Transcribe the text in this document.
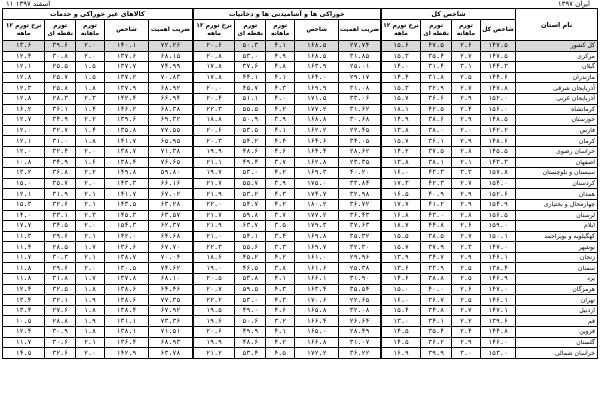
۱۱ اسفند ۱۳۹۷	ایران ۱۳۹۷
نام استان	شاخص کل				خوراکی ها و آشامیدنی ها و دخانیات					کالاهای غیر خوراکی و خدمات				
	شاخص کل	تورم ماهانه	تورم نقطه ای	نرخ تورم ۱۲ ماهه	ضریب اهمیت	شاخص	تورم ماهانه	تورم نقطه ای	نرخ تورم ۱۲ ماهه	ضریب اهمیت	شاخص	تورم ماهانه	تورم نقطه ای	نرخ تورم ۱۲ ماهه
کل کشور	۱۴۷.۵	۲.۶	۴۷.۵	۱۵.۶	۲۷.۷۴	۱۶۸.۵	۴.۱	۵۰.۳	۲۰.۶	۷۲.۲۶	۱۴۰.۱	۲.۰	۳۹.۶	۱۳.۶
مرکزی	۱۴۷.۵	۲.۷	۳۵.۴	۱۵.۳	۳۱.۸۵	۱۶۸.۵	۴.۹	۵۳.۰	۲۰.۸	۶۸.۱۵	۱۳۷.۶	۲.۰	۳۰.۸	۱۲.۴
گیلان	۱۴۴.۳	۳.۱	۳۱.۴	۱۴.۰	۲۵.۰۱	۱۶۳.۹	۴.۸	۳۷.۶	۱۷.۸	۷۴.۹۹	۱۳۷.۷	۱.۵	۲۵.۵	۱۲.۱
مازندران	۱۴۴.۶	۲.۵	۳۱.۸	۱۴.۴	۲۹.۱۷	۱۶۴.۰	۴.۱	۴۴.۱	۱۷.۸	۷۰.۸۳	۱۳۷.۲	۱.۵	۲۵.۷	۱۲.۸
آذربایجان شرقی	۱۴۷.۸	۲.۷	۳۲.۹	۱۵.۳	۳۱.۰۸	۱۶۹.۹	۴.۳	۴۵.۷	۲۰.۰	۶۸.۹۲	۱۳۷.۹	۱.۸	۲۵.۸	۱۲.۳
آذربایجان غربی	۱۵۲.۰	۲.۹	۳۶.۶	۱۵.۷	۳۳.۰۶	۱۷۱.۵	۴.۰	۵۱.۱	۲۰.۴	۶۶.۹۴	۱۴۲.۴	۲.۳	۲۸.۳	۱۲.۸
کرمانشاه	۱۵۶.۰	۲.۴	۴۲.۵	۱۸.۱	۳۱.۶۲	۱۷۷.۲	۴.۲	۵۵.۵	۲۲.۳	۶۸.۳۸	۱۴۶.۲	۱.۴	۳۶.۱	۱۶.۲
خوزستان	۱۴۸.۵	۲.۹	۳۸.۶	۱۴.۹	۳۰.۶۸	۱۶۸.۸	۳.۹	۵۰.۹	۱۸.۸	۶۹.۳۲	۱۳۹.۶	۲.۲	۳۴.۹	۱۲.۷
فارس	۱۴۲.۲	۲.۰	۳۸.۰	۱۳.۸	۲۲.۴۵	۱۶۲.۲	۴.۱	۵۳.۵	۲۰.۶	۷۷.۵۵	۱۳۵.۸	۱.۴	۳۲.۷	۱۲.۰
کرمان	۱۴۸.۶	۲.۹	۳۶.۱	۱۵.۷	۳۴.۰۵	۱۶۴.۶	۴.۴	۵۴.۲	۲۰.۳	۶۵.۹۵	۱۴۱.۷	۱.۸	۳۱.۰	۱۲.۱
خراسان رضوی	۱۴۵.۵	۲.۸	۳۷.۵	۱۴.۲	۲۸.۶۲	۱۶۴.۴	۴.۶	۴۸.۶	۱۹.۹	۷۱.۳۸	۱۳۸.۷	۲.۰	۳۲.۴	۱۲.۰
اصفهان	۱۴۳.۳	۲.۱	۳۸.۱	۱۳.۸	۲۳.۳۵	۱۶۲.۸	۳.۷	۴۹.۴	۲۱.۱	۷۶.۶۵	۱۳۸.۴	۱.۶	۳۴.۹	۱۰.۸
سیستان و بلوچستان	۱۵۷.۸	۳.۳	۴۳.۳	۱۶.۰	۴۰.۲۰	۱۶۹.۳	۴.۲	۵۳.۰	۱۹.۷	۵۹.۸۰	۱۴۹.۸	۲.۲	۳۶.۸	۱۳.۲
کردستان	۱۵۴.۰	۲.۷	۴۲.۳	۱۷.۳	۳۳.۸۴	۱۷۵.۰	۳.۹	۵۵.۷	۲۱.۷	۶۶.۱۶	۱۴۳.۳	۲.۰	۳۵.۷	۱۵.۰
همدان	۱۵۲.۶	۲.۹	۴۰.۹	۱۶.۵	۳۲.۹۸	۱۷۴.۷	۴.۳	۵۳.۲	۲۱.۹	۶۷.۰۲	۱۴۱.۷	۲.۱	۳۱.۹	۱۲.۱
چهارمحال و بختیاری	۱۵۴.۹	۲.۹	۴۱.۲	۱۷.۷	۳۶.۷۲	۱۸۰.۲	۴.۲	۵۴.۷	۲۲.۰	۶۳.۲۸	۱۴۳.۵	۲.۱	۳۲.۶	۱۵.۳
لرستان	۱۵۶.۵	۲.۸	۴۳.۰	۱۶.۸	۳۶.۴۳	۱۷۷.۲	۳.۷	۵۹.۸	۲۱.۷	۶۳.۵۷	۱۴۵.۳	۲.۳	۳۳.۱	۱۴.۰
ایلام	۱۵۹.۰	۲.۶	۴۴.۸	۱۸.۷	۳۷.۶۳	۱۷۹.۳	۳.۵	۶۳.۷	۲۱.۹	۶۲.۳۷	۱۵۴.۳	۲.۰	۳۴.۵	۱۷.۷
کهگیلویه و بویراحمد	۱۵۰.۱	۲.۷	۳۸.۵	۱۵.۵	۳۵.۳۲	۱۶۹.۸	۳.۴	۵۴.۱	۲۱.۰	۶۴.۶۸	۱۴۲.۰	۲.۱	۲۹.۶	۱۱.۳
بوشهر	۱۴۷.۰	۲.۳	۳۷.۹	۱۵.۷	۳۲.۳۰	۱۶۹.۷	۳.۳	۵۵.۶	۲۲.۳	۶۷.۷۰	۱۳۶.۶	۱.۷	۲۸.۵	۱۱.۴
زنجان	۱۴۶.۱	۲.۹	۳۴.۷	۱۳.۹	۲۹.۹۶	۱۶۱.۰	۴.۲	۴۵.۲	۱۸.۶	۷۰.۰۴	۱۳۸.۷	۲.۱	۳۰.۳	۱۱.۷
سمنان	۱۳۸.۴	۲.۵	۳۳.۹	۱۳.۶	۲۵.۳۸	۱۶۱.۶	۳.۸	۴۶.۵	۱۹.۰	۷۴.۶۲	۱۳۰.۵	۲.۰	۲۹.۶	۱۱.۸
یزد	۱۴۶.۹	۲.۵	۳۸.۸	۱۴.۶	۳۱.۹۰	۱۶۶.۱	۴.۱	۵۳.۸	۲۰.۵	۶۸.۱۰	۱۳۷.۸	۱.۷	۳۱.۸	۱۱.۸
هرمزگان	۱۴۷.۰	۲.۶	۴۰.۰	۱۵.۰	۳۵.۵۴	۱۶۳.۴	۴.۳	۵۹.۵	۲۰.۷	۶۴.۴۶	۱۳۸.۶	۱.۸	۳۲.۵	۱۲.۴
تهران	۱۴۶.۱	۲.۵	۳۶.۷	۱۶.۰	۲۲.۶۵	۱۷۰.۶	۴.۳	۵۳.۰	۲۲.۲	۷۷.۳۵	۱۳۸.۶	۱.۹	۳۲.۱	۱۳.۴
اردبیل	۱۴۷.۱	۲.۷	۳۴.۸	۱۵.۴	۳۲.۰۸	۱۶۵.۸	۴.۶	۴۹.۰	۱۹.۵	۶۷.۹۲	۱۳۸.۴	۱.۸	۲۷.۶	۱۳.۴
قم	۱۳۹.۶	۲.۲	۳۴.۱	۱۳.۰	۲۶.۶۴	۱۶۶.۴	۳.۲	۵۰.۶	۱۹.۶	۷۳.۳۶	۱۳۱.۱	۱.۹	۲۸.۸	۱۰.۵
قزوین	۱۴۴.۸	۲.۴	۳۵.۴	۱۴.۵	۲۸.۴۹	۱۶۵.۰	۴.۱	۴۹.۹	۲۰.۶	۷۱.۵۱	۱۳۸.۱	۱.۸	۳۰.۹	۱۲.۴
گلستان	۱۴۶.۰	۲.۹	۳۶.۲	۱۴.۵	۳۱.۰۷	۱۶۶.۸	۴.۲	۴۸.۶	۱۹.۹	۶۸.۹۳	۱۳۶.۴	۲.۱	۳۰.۶	۱۱.۷
خراسان شمالی	۱۵۳.۰	۳.۰	۳۹.۹	۱۶.۹	۳۶.۲۲	۱۷۲.۲	۴.۵	۵۳.۴	۲۱.۲	۶۳.۷۸	۱۴۲.۹	۲.۰	۳۲.۶	۱۴.۵
